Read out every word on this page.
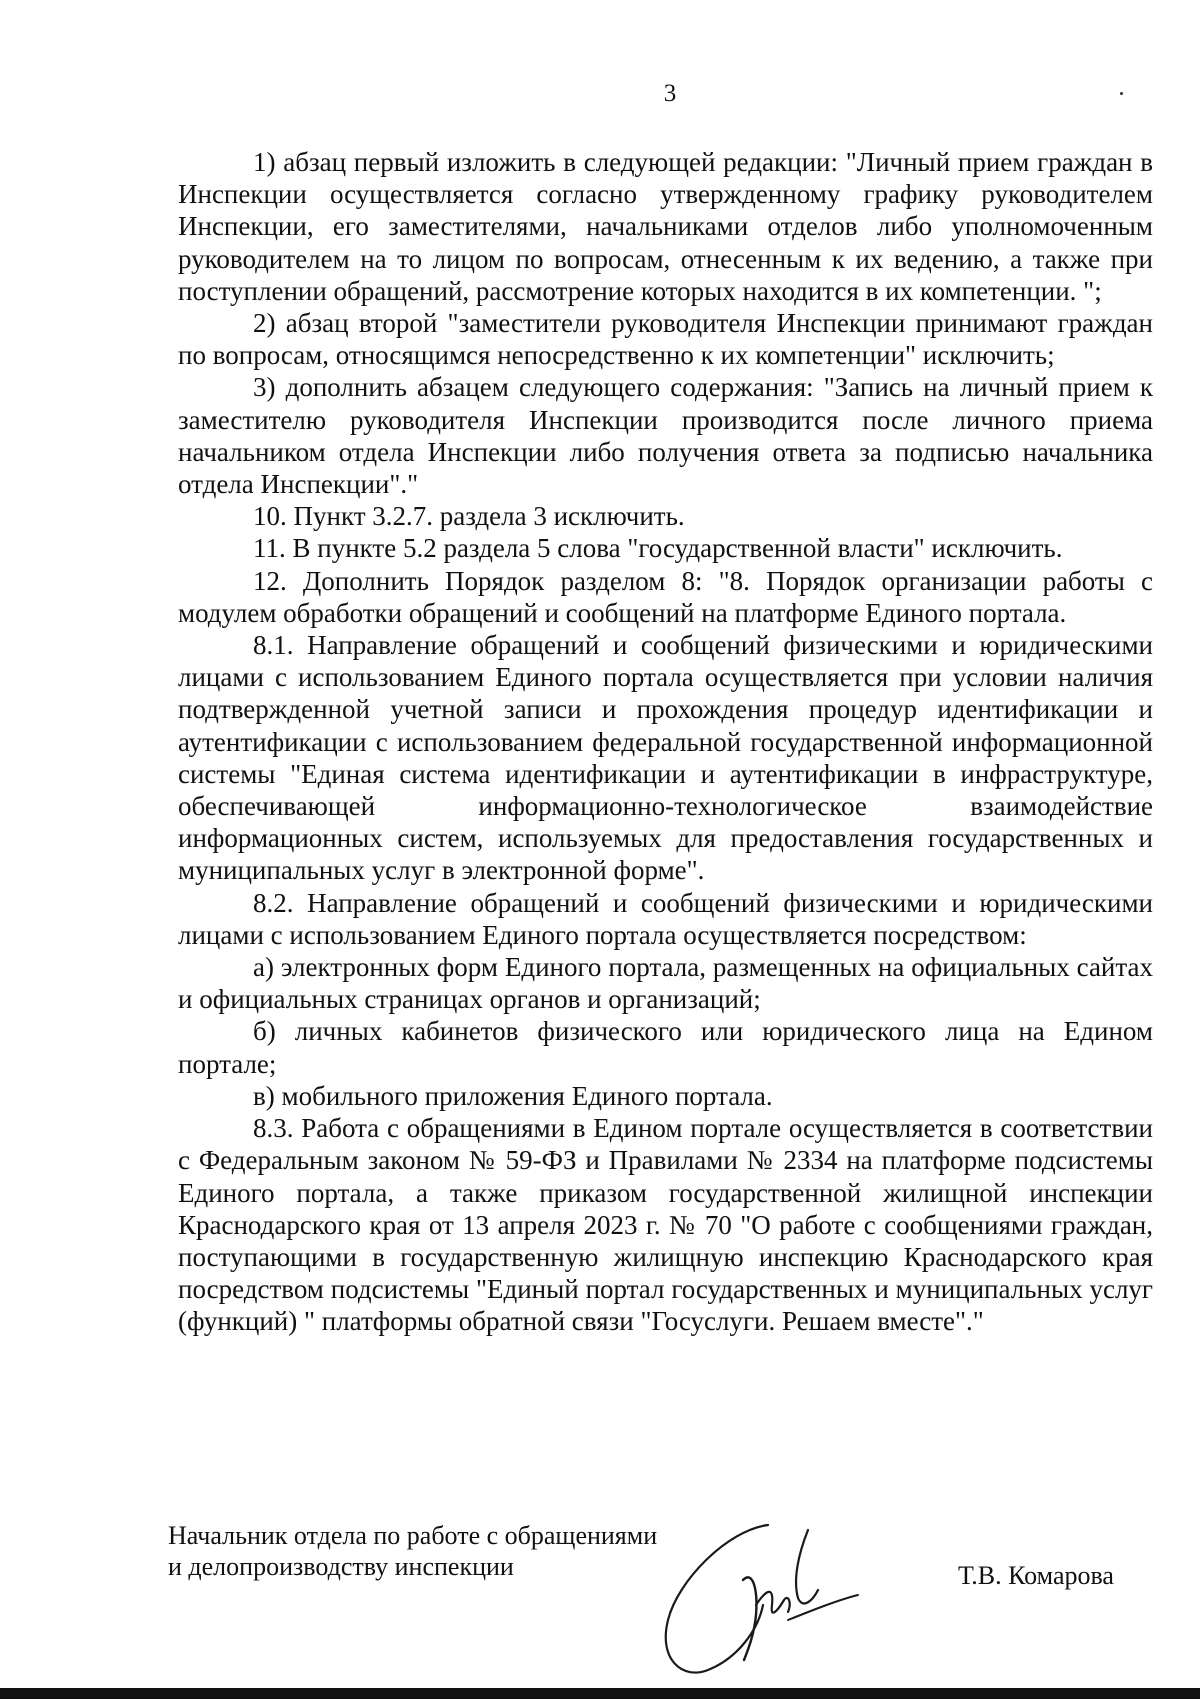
3

1) абзац первый изложить в следующей редакции: "Личный прием граждан в Инспекции осуществляется согласно утвержденному графику руководителем Инспекции, его заместителями, начальниками отделов либо уполномоченным руководителем на то лицом по вопросам, отнесенным к их ведению, а также при поступлении обращений, рассмотрение которых находится в их компетенции. ";

2) абзац второй "заместители руководителя Инспекции принимают граждан по вопросам, относящимся непосредственно к их компетенции" исключить;

3) дополнить абзацем следующего содержания: "Запись на личный прием к заместителю руководителя Инспекции производится после личного приема начальником отдела Инспекции либо получения ответа за подписью начальника отдела Инспекции"."

10. Пункт 3.2.7. раздела 3 исключить.

11. В пункте 5.2 раздела 5 слова "государственной власти" исключить.

12. Дополнить Порядок разделом 8: "8. Порядок организации работы с модулем обработки обращений и сообщений на платформе Единого портала.

8.1. Направление обращений и сообщений физическими и юридическими лицами с использованием Единого портала осуществляется при условии наличия подтвержденной учетной записи и прохождения процедур идентификации и аутентификации с использованием федеральной государственной информационной системы "Единая система идентификации и аутентификации в инфраструктуре, обеспечивающей информационно-технологическое взаимодействие информационных систем, используемых для предоставления государственных и муниципальных услуг в электронной форме".

8.2. Направление обращений и сообщений физическими и юридическими лицами с использованием Единого портала осуществляется посредством:

а) электронных форм Единого портала, размещенных на официальных сайтах и официальных страницах органов и организаций;

б) личных кабинетов физического или юридического лица на Едином портале;

в) мобильного приложения Единого портала.

8.3. Работа с обращениями в Едином портале осуществляется в соответствии с Федеральным законом № 59-ФЗ и Правилами № 2334 на платформе подсистемы Единого портала, а также приказом государственной жилищной инспекции Краснодарского края от 13 апреля 2023 г. № 70 "О работе с сообщениями граждан, поступающими в государственную жилищную инспекцию Краснодарского края посредством подсистемы "Единый портал государственных и муниципальных услуг (функций) " платформы обратной связи "Госуслуги. Решаем вместе"."

Начальник отдела по работе с обращениями
и делопроизводству инспекции	Т.В. Комарова
